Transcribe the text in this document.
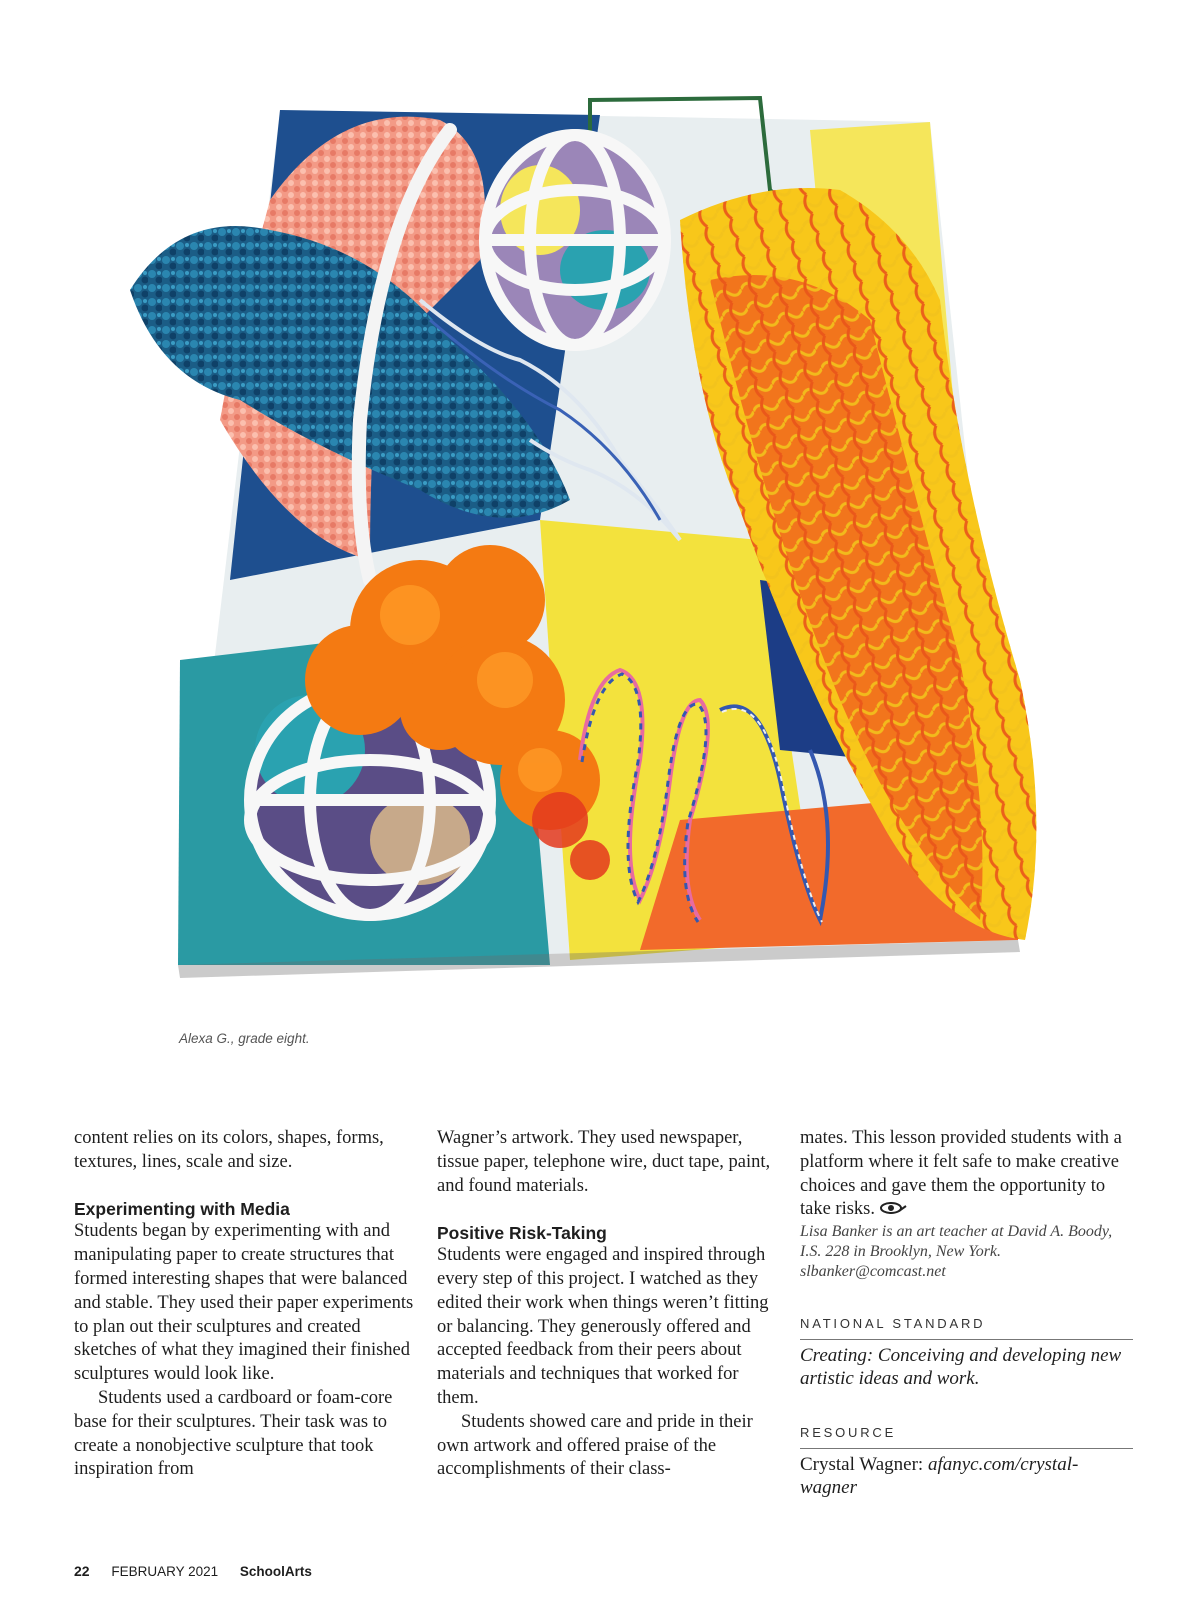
Alexa G., grade eight.

content relies on its colors, shapes, forms, textures, lines, scale and size.

Experimenting with Media

Students began by experimenting with and manipulating paper to create structures that formed interesting shapes that were balanced and stable. They used their paper experiments to plan out their sculptures and created sketches of what they imagined their finished sculptures would look like.

Students used a cardboard or foam-core base for their sculptures. Their task was to create a nonobjective sculpture that took inspiration from

Wagner’s artwork. They used newspaper, tissue paper, telephone wire, duct tape, paint, and found materials.

Positive Risk-Taking

Students were engaged and inspired through every step of this project. I watched as they edited their work when things weren’t fitting or balancing. They generously offered and accepted feedback from their peers about materials and techniques that worked for them.

Students showed care and pride in their own artwork and offered praise of the accomplishments of their class-

mates. This lesson provided students with a platform where it felt safe to make creative choices and gave them the opportunity to take risks.

Lisa Banker is an art teacher at David A. Boody, I.S. 228 in Brooklyn, New York. slbanker@comcast.net

NATIONAL STANDARD
Creating: Conceiving and developing new artistic ideas and work.
RESOURCE
Crystal Wagner: afanyc.com/crystal-wagner
22 FEBRUARY 2021 SchoolArts
